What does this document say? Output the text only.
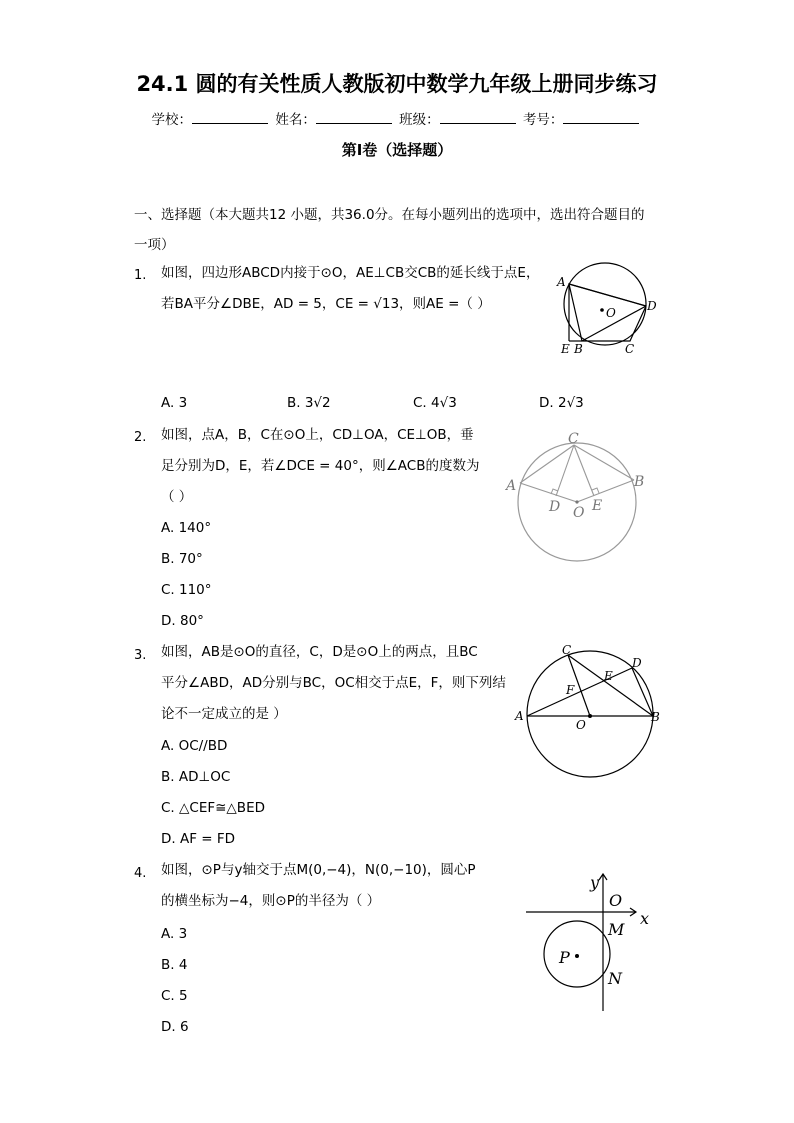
24.1 圆的有关性质人教版初中数学九年级上册同步练习
学校：	姓名：	班级：	考号：
第I卷（选择题）
一、选择题（本大题共12 小题，共36.0分。在每小题列出的选项中，选出符合题目的
一项）
1. 如图，四边形ABCD内接于⊙O，AE⊥CB交CB的延长线于点E，
若BA平分∠DBE，AD = 5，CE = √13，则AE =（ ）
A
O	D
E B	C
A. 3	B. 3√2	C. 4√3	D. 2√3
2. 如图，点A，B，C在⊙O上，CD⊥OA，CE⊥OB，垂
足分别为D，E，若∠DCE = 40°，则∠ACB的度数为
（ ）
C
A	B
D O E
A. 140°
B. 70°
C. 110°
D. 80°
3. 如图，AB是⊙O的直径，C，D是⊙O上的两点，且BC
平分∠ABD，AD分别与BC，OC相交于点E，F，则下列结
论不一定成立的是 ）
C
D
E
F
A
O
B
A. OC//BD
B. AD⊥OC
C. △CEF≅△BED
D. AF = FD
4. 如图，⊙P与y轴交于点M(0,−4)，N(0,−10)，圆心P
的横坐标为−4，则⊙P的半径为（ ）
y
O
x
M
P
N
A. 3
B. 4
C. 5
D. 6
